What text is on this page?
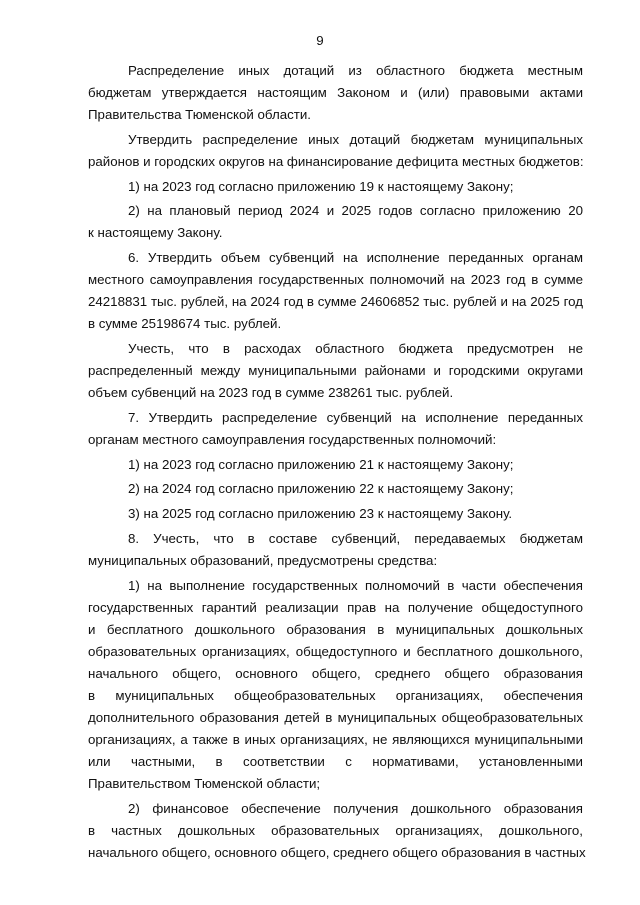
9
Распределение иных дотаций из областного бюджета местным
бюджетам утверждается настоящим Законом и (или) правовыми актами
Правительства Тюменской области.
Утвердить распределение иных дотаций бюджетам муниципальных
районов и городских округов на финансирование дефицита местных бюджетов:
1) на 2023 год согласно приложению 19 к настоящему Закону;
2) на плановый период 2024 и 2025 годов согласно приложению 20
к настоящему Закону.
6. Утвердить объем субвенций на исполнение переданных органам
местного самоуправления государственных полномочий на 2023 год в сумме
24218831 тыс. рублей, на 2024 год в сумме 24606852 тыс. рублей и на 2025 год
в сумме 25198674 тыс. рублей.
Учесть, что в расходах областного бюджета предусмотрен не
распределенный между муниципальными районами и городскими округами
объем субвенций на 2023 год в сумме 238261 тыс. рублей.
7. Утвердить распределение субвенций на исполнение переданных
органам местного самоуправления государственных полномочий:
1) на 2023 год согласно приложению 21 к настоящему Закону;
2) на 2024 год согласно приложению 22 к настоящему Закону;
3) на 2025 год согласно приложению 23 к настоящему Закону.
8. Учесть, что в составе субвенций, передаваемых бюджетам
муниципальных образований, предусмотрены средства:
1) на выполнение государственных полномочий в части обеспечения
государственных гарантий реализации прав на получение общедоступного
и бесплатного дошкольного образования в муниципальных дошкольных
образовательных организациях, общедоступного и бесплатного дошкольного,
начального общего, основного общего, среднего общего образования
в муниципальных общеобразовательных организациях, обеспечения
дополнительного образования детей в муниципальных общеобразовательных
организациях, а также в иных организациях, не являющихся муниципальными
или частными, в соответствии с нормативами, установленными
Правительством Тюменской области;
2) финансовое обеспечение получения дошкольного образования
в частных дошкольных образовательных организациях, дошкольного,
начального общего, основного общего, среднего общего образования в частных
